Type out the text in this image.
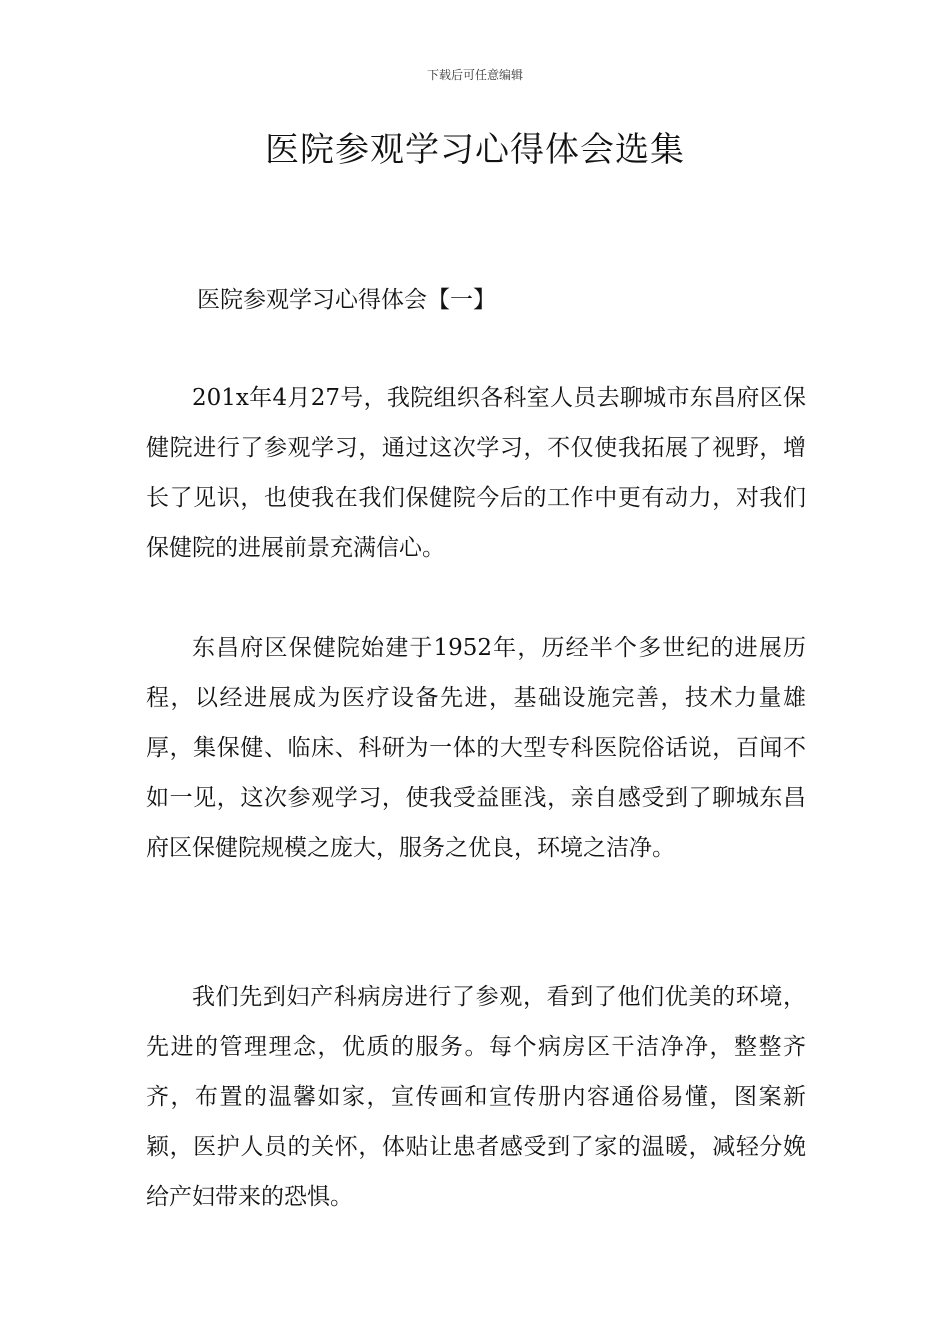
下载后可任意编辑
医院参观学习心得体会选集
医院参观学习心得体会【一】

201x年4月27号，我院组织各科室人员去聊城市东昌府区保健院进行了参观学习，通过这次学习，不仅使我拓展了视野，增长了见识，也使我在我们保健院今后的工作中更有动力，对我们保健院的进展前景充满信心。

东昌府区保健院始建于1952年，历经半个多世纪的进展历程，以经进展成为医疗设备先进，基础设施完善，技术力量雄厚，集保健、临床、科研为一体的大型专科医院俗话说，百闻不如一见，这次参观学习，使我受益匪浅，亲自感受到了聊城东昌府区保健院规模之庞大，服务之优良，环境之洁净。

我们先到妇产科病房进行了参观，看到了他们优美的环境，先进的管理理念，优质的服务。每个病房区干洁净净，整整齐齐，布置的温馨如家，宣传画和宣传册内容通俗易懂，图案新颖，医护人员的关怀，体贴让患者感受到了家的温暖，减轻分娩给产妇带来的恐惧。
